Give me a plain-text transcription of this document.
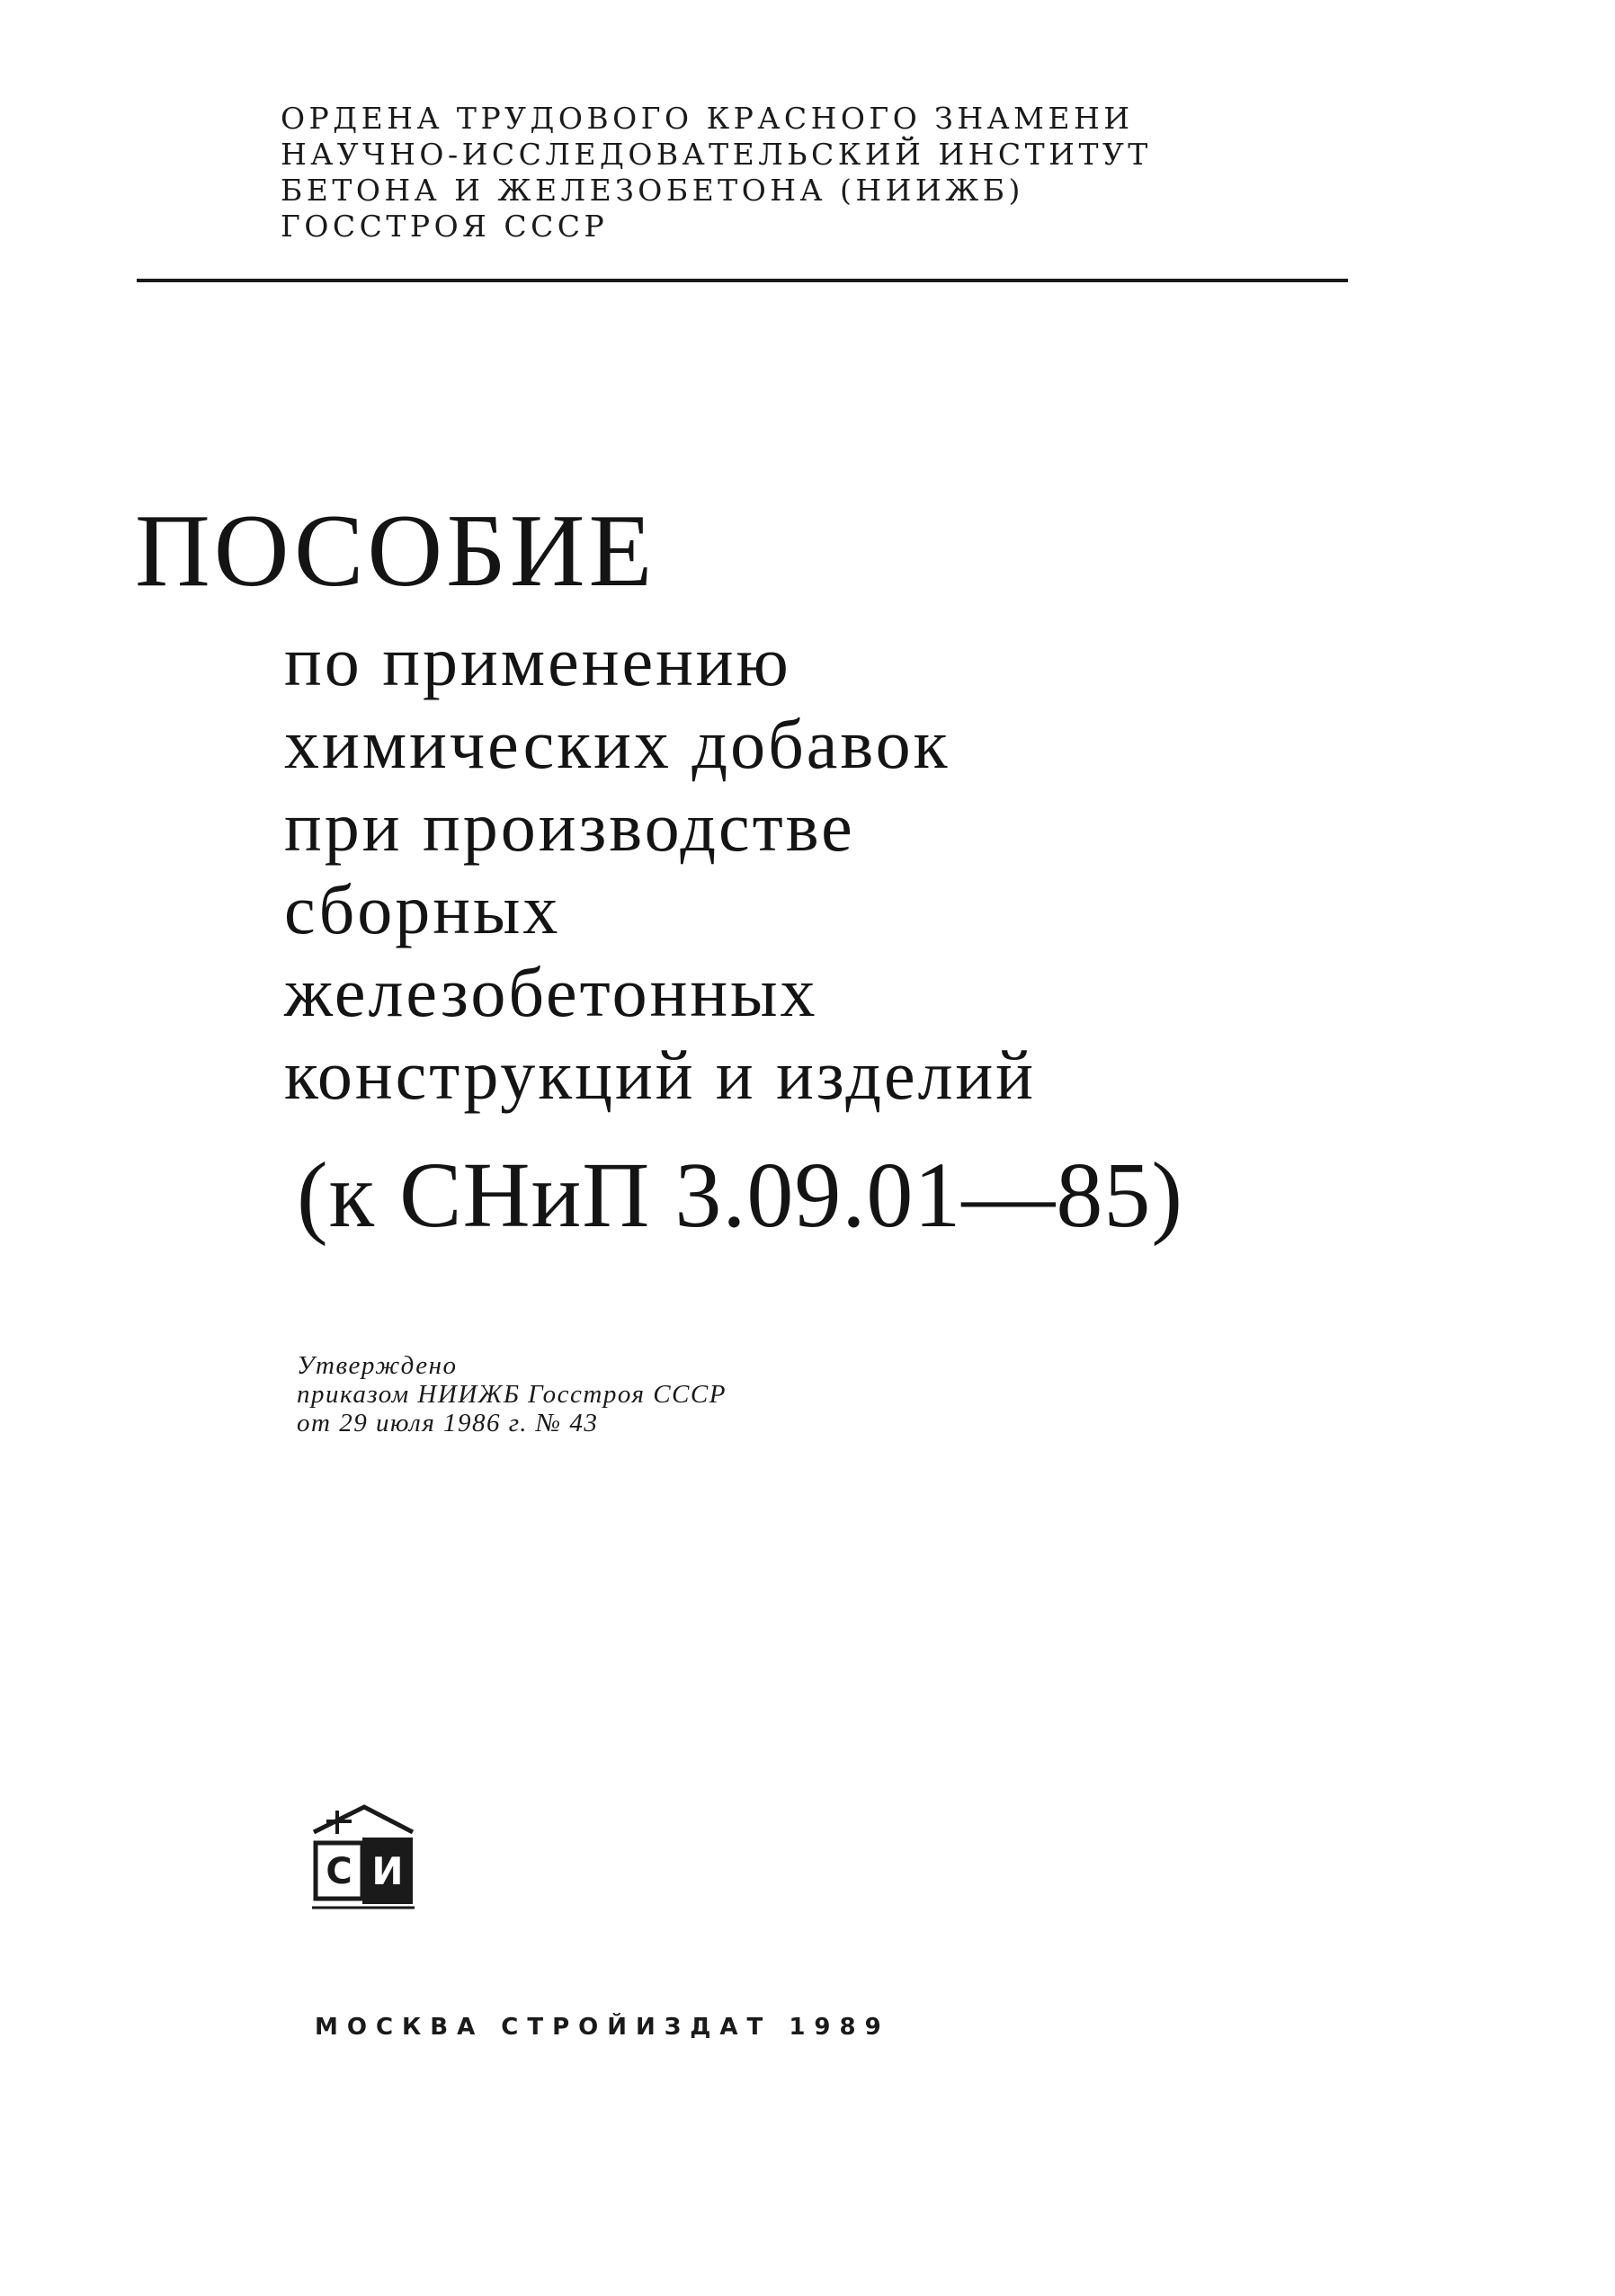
ОРДЕНА ТРУДОВОГО КРАСНОГО ЗНАМЕНИ
НАУЧНО-ИССЛЕДОВАТЕЛЬСКИЙ ИНСТИТУТ
БЕТОНА И ЖЕЛЕЗОБЕТОНА (НИИЖБ)
ГОССТРОЯ СССР
ПОСОБИЕ
по применению
химических добавок
при производстве
сборных
железобетонных
конструкций и изделий
(к СНиП 3.09.01—85)
Утверждено
приказом НИИЖБ Госстроя СССР
от 29 июля 1986 г. № 43
С И
МОСКВА СТРОЙИЗДАТ 1989
